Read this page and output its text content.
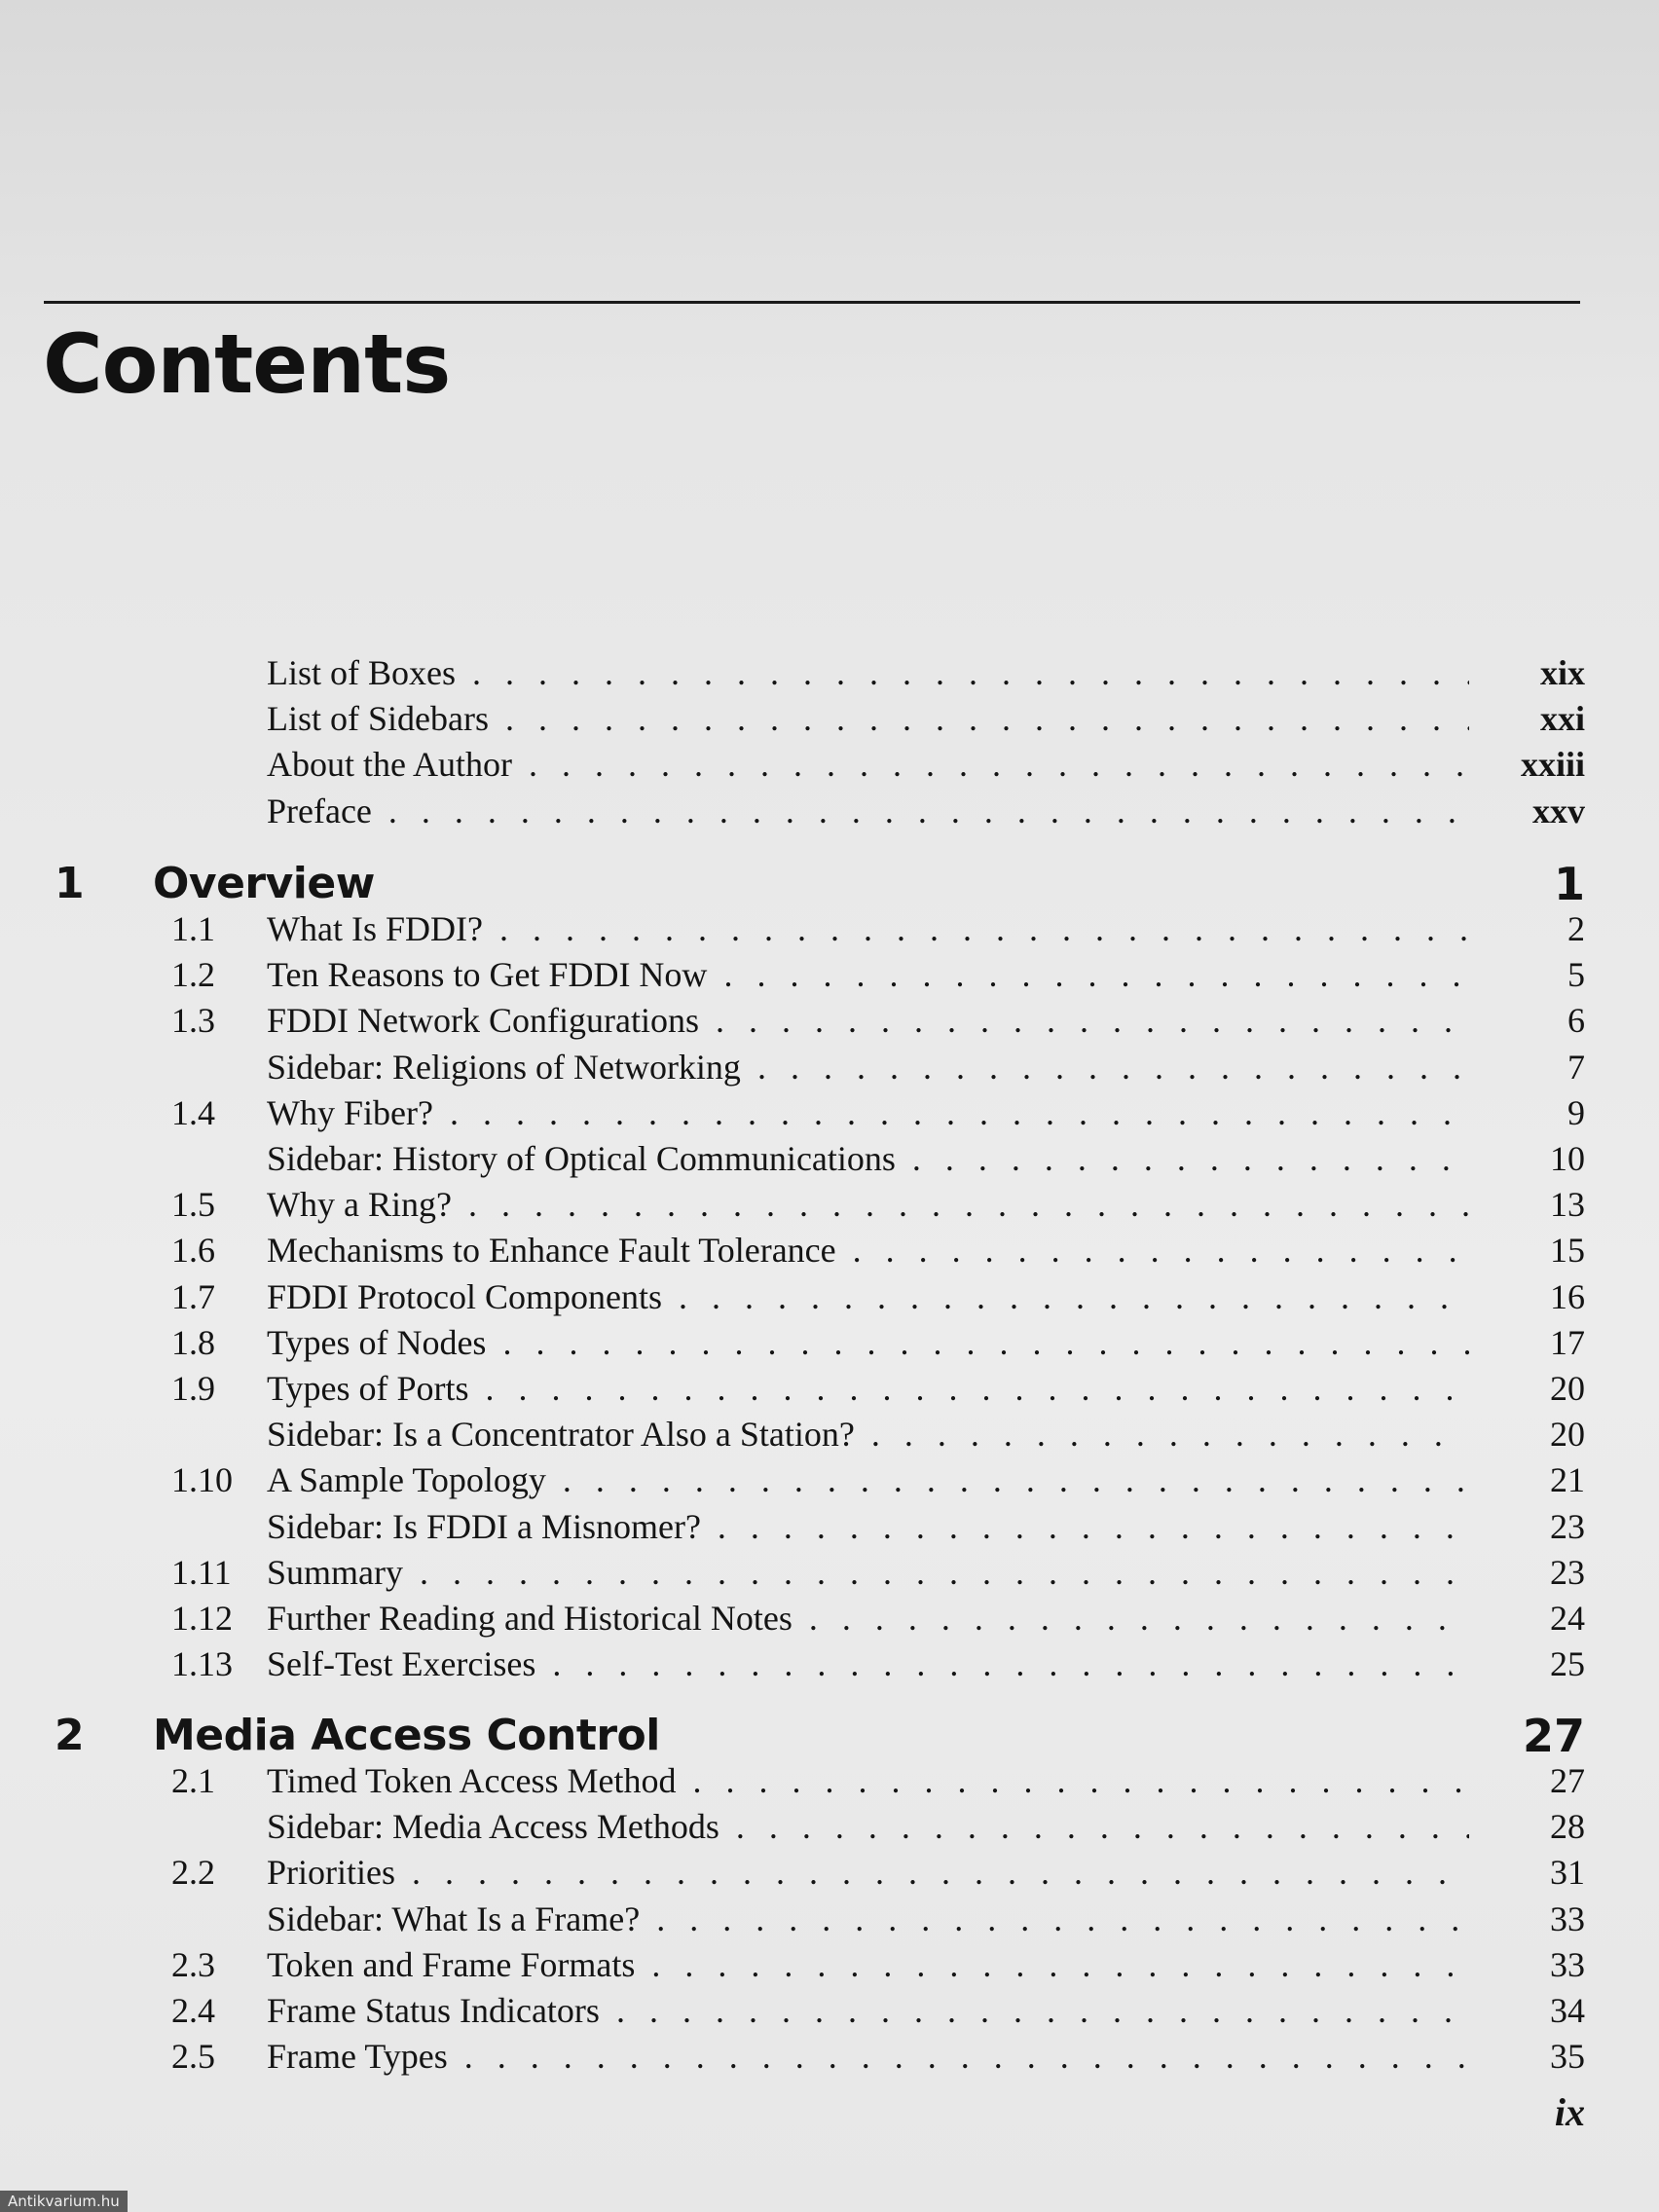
Contents
List of Boxes . . .	xix
List of Sidebars . . .	xxi
About the Author . . .	xxiii
Preface . . .	xxv
1 Overview	1
1.1 What Is FDDI? . . .	2
1.2 Ten Reasons to Get FDDI Now . . .	5
1.3 FDDI Network Configurations . . .	6
Sidebar: Religions of Networking . . .	7
1.4 Why Fiber? . . .	9
Sidebar: History of Optical Communications . . .	10
1.5 Why a Ring? . . .	13
1.6 Mechanisms to Enhance Fault Tolerance . . .	15
1.7 FDDI Protocol Components . . .	16
1.8 Types of Nodes . . .	17
1.9 Types of Ports . . .	20
Sidebar: Is a Concentrator Also a Station? . . .	20
1.10 A Sample Topology . . .	21
Sidebar: Is FDDI a Misnomer? . . .	23
1.11 Summary . . .	23
1.12 Further Reading and Historical Notes . . .	24
1.13 Self-Test Exercises . . .	25
2 Media Access Control	27
2.1 Timed Token Access Method . . .	27
Sidebar: Media Access Methods . . .	28
2.2 Priorities . . .	31
Sidebar: What Is a Frame? . . .	33
2.3 Token and Frame Formats . . .	33
2.4 Frame Status Indicators . . .	34
2.5 Frame Types . . .	35
ix
Antikvarium.hu
